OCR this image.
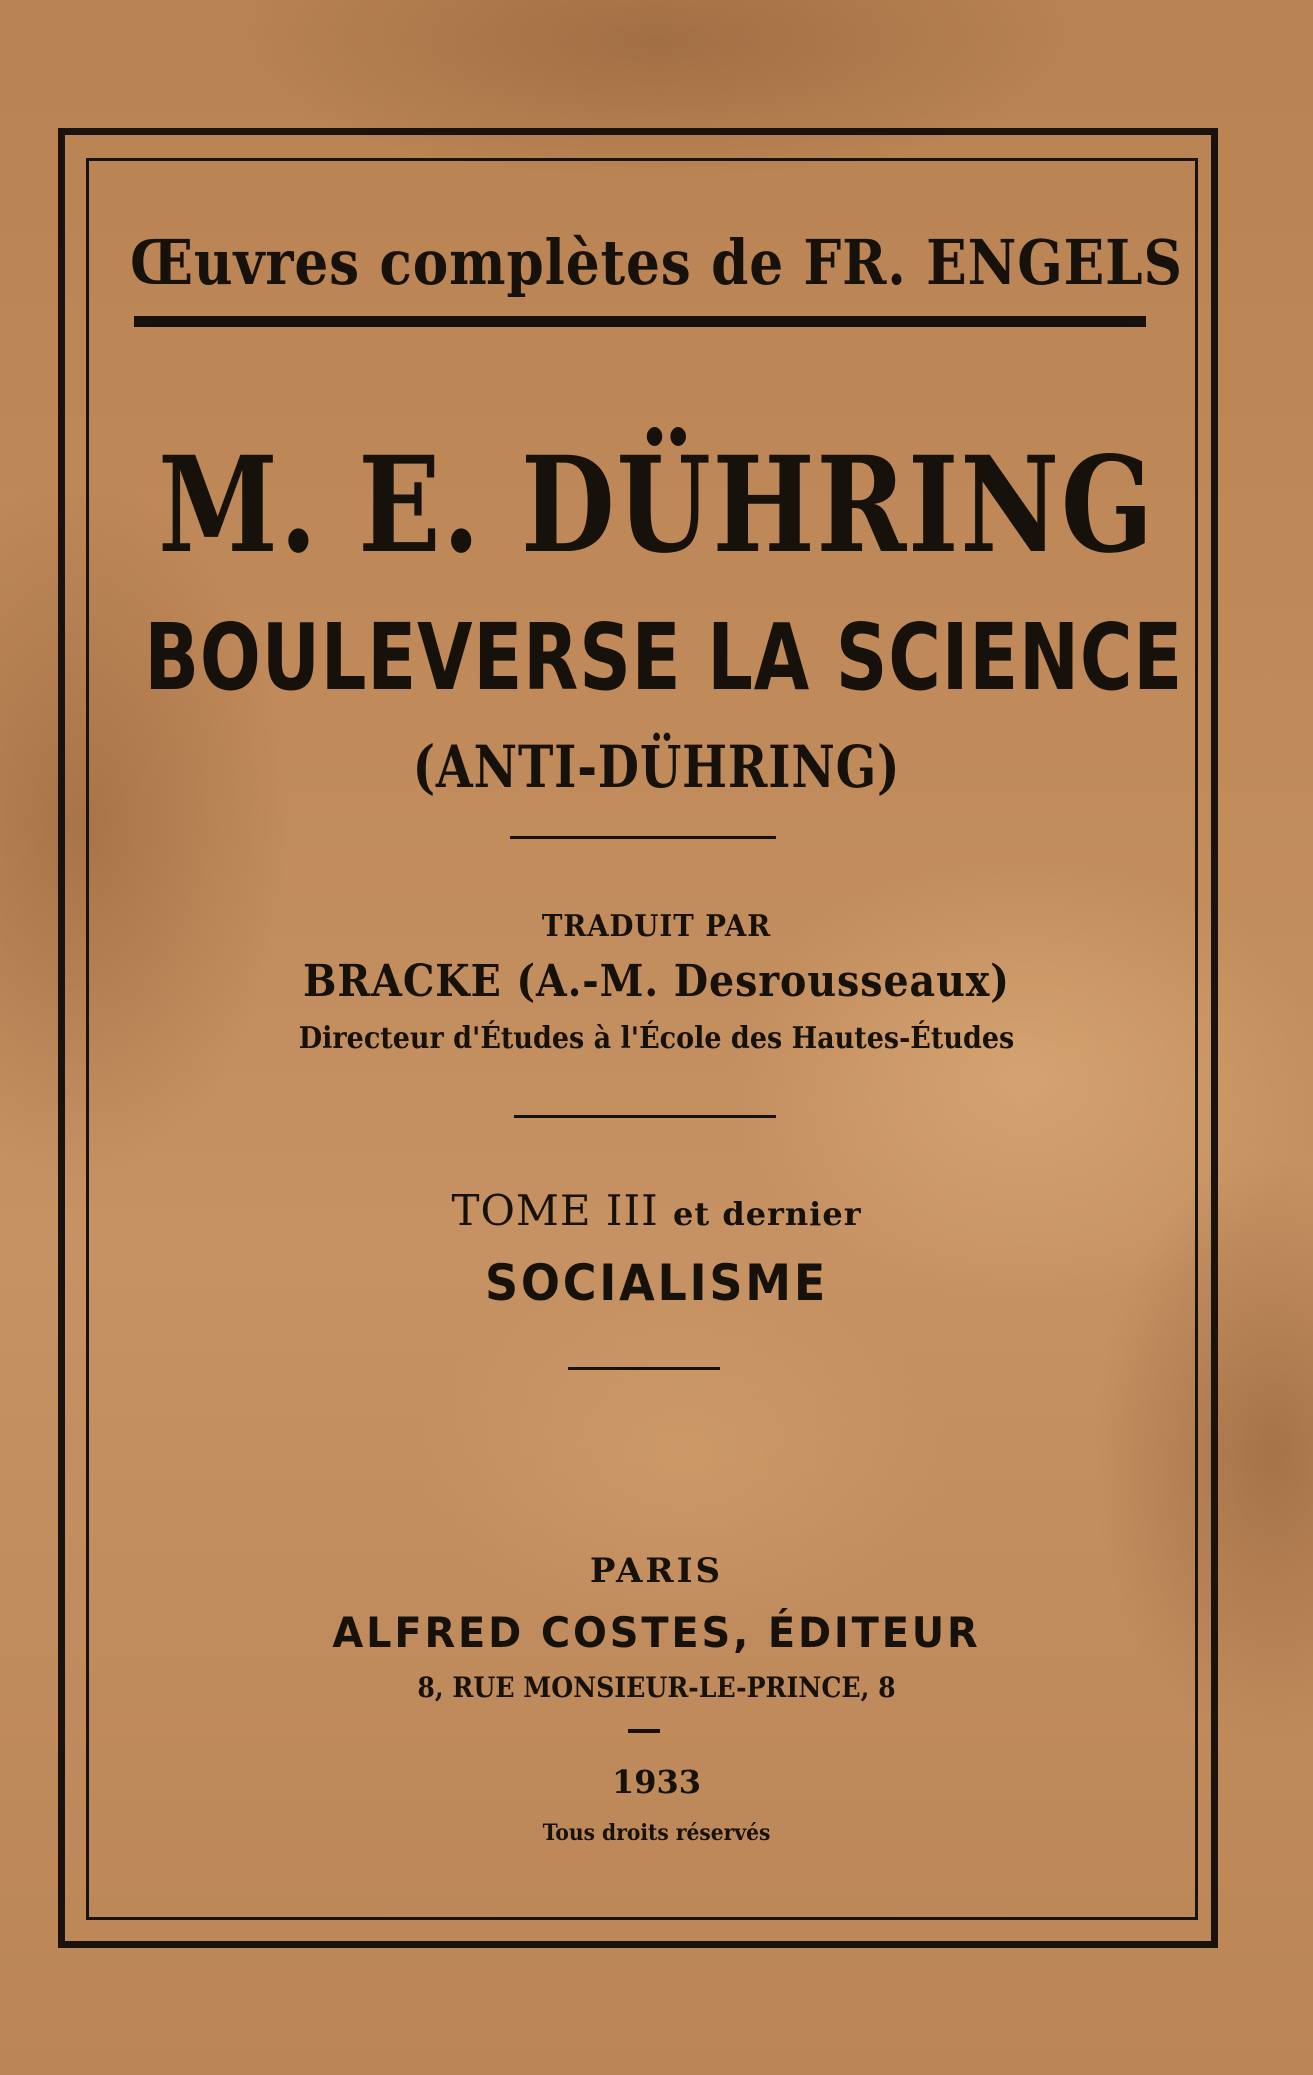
Œuvres complètes de FR. ENGELS

M. E. DÜHRING

BOULEVERSE LA SCIENCE

(ANTI-DÜHRING)

TRADUIT PAR

BRACKE (A.-M. Desrousseaux)

Directeur d'Études à l'École des Hautes-Études

TOME III et dernier

SOCIALISME

PARIS

ALFRED COSTES, ÉDITEUR

8, RUE MONSIEUR-LE-PRINCE, 8

1933

Tous droits réservés
